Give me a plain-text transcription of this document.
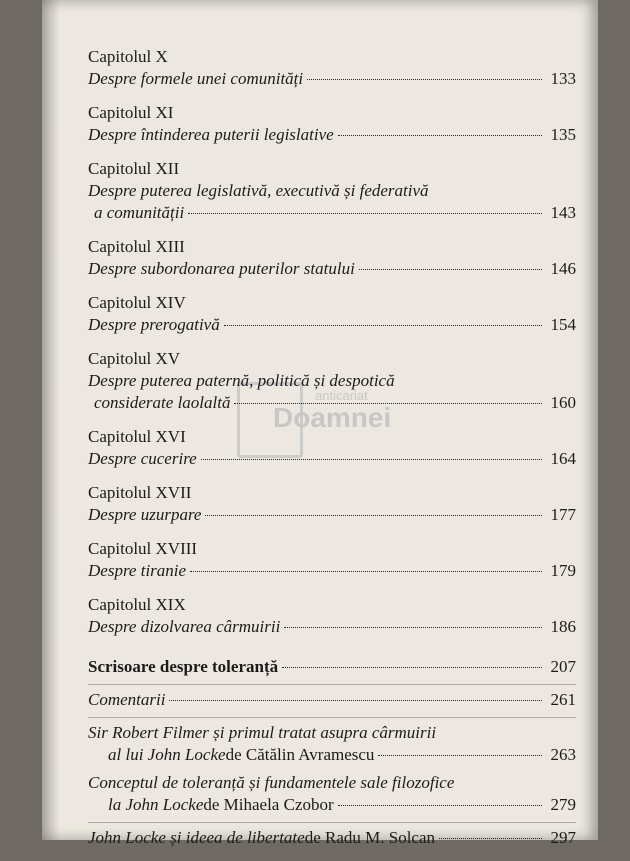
anticariat
Doamnei
Capitolul X
Despre formele unei comunități	133
Capitolul XI
Despre întinderea puterii legislative	135
Capitolul XII
Despre puterea legislativă, executivă și federativă
a comunității	143
Capitolul XIII
Despre subordonarea puterilor statului	146
Capitolul XIV
Despre prerogativă	154
Capitolul XV
Despre puterea paternă, politică și despotică
considerate laolaltă	160
Capitolul XVI
Despre cucerire	164
Capitolul XVII
Despre uzurpare	177
Capitolul XVIII
Despre tiranie	179
Capitolul XIX
Despre dizolvarea cârmuirii	186
Scrisoare despre toleranță	207
Comentarii	261
Sir Robert Filmer și primul tratat asupra cârmuirii
al lui John Locke de Cătălin Avramescu	263
Conceptul de toleranță și fundamentele sale filozofice
la John Locke de Mihaela Czobor	279
John Locke și ideea de libertate de Radu M. Solcan	297
